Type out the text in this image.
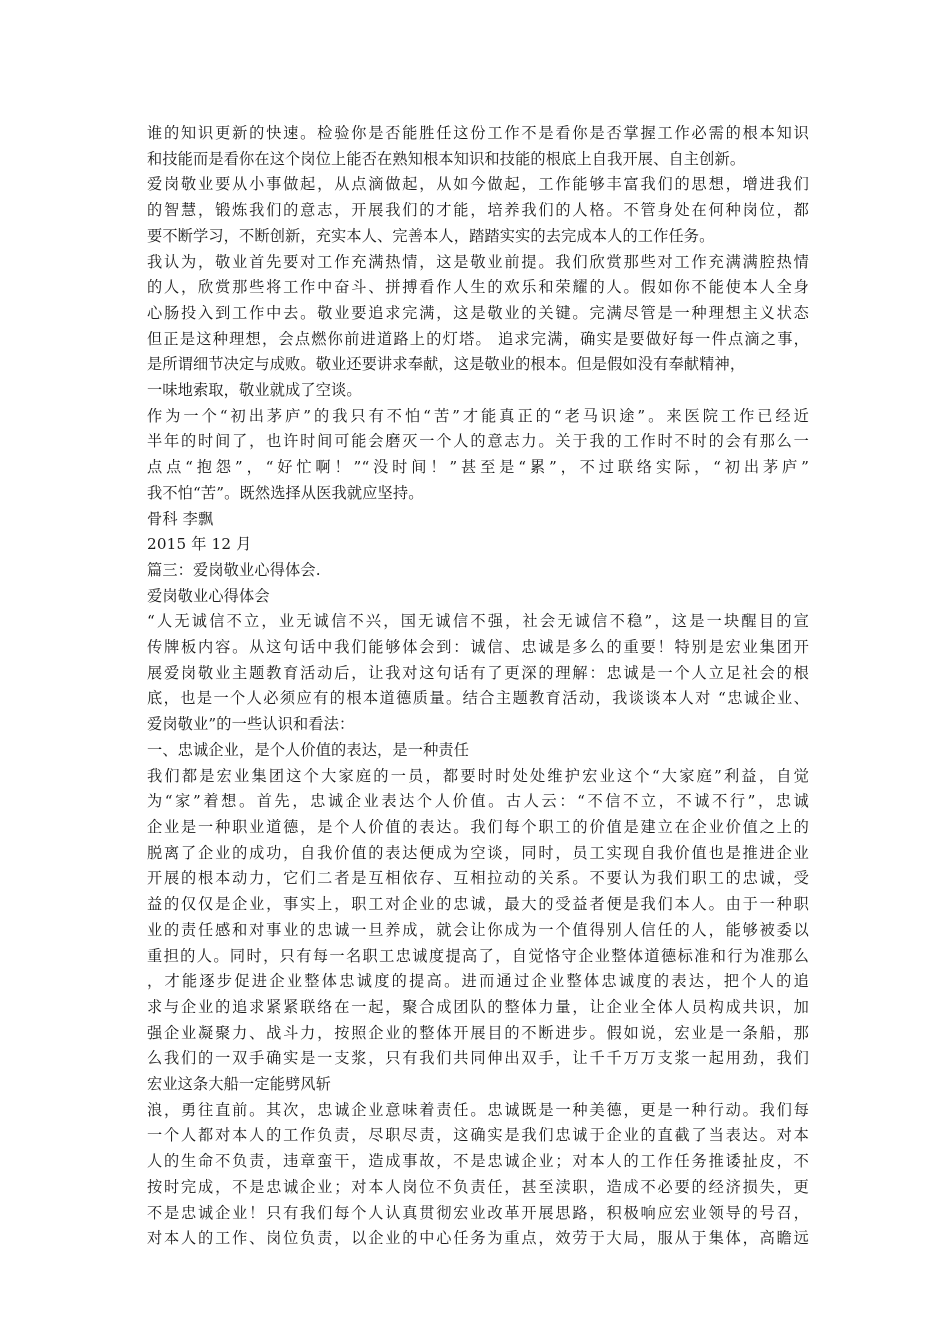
谁的知识更新的快速。检验你是否能胜任这份工作不是看你是否掌握工作必需的根本知识
和技能而是看你在这个岗位上能否在熟知根本知识和技能的根底上自我开展、自主创新。
爱岗敬业要从小事做起，从点滴做起，从如今做起，工作能够丰富我们的思想，增进我们
的智慧，锻炼我们的意志，开展我们的才能，培养我们的人格。不管身处在何种岗位，都
要不断学习，不断创新，充实本人、完善本人，踏踏实实的去完成本人的工作任务。
我认为，敬业首先要对工作充满热情，这是敬业前提。我们欣赏那些对工作充满满腔热情
的人，欣赏那些将工作中奋斗、拼搏看作人生的欢乐和荣耀的人。假如你不能使本人全身
心肠投入到工作中去。敬业要追求完满，这是敬业的关键。完满尽管是一种理想主义状态
但正是这种理想，会点燃你前进道路上的灯塔。 追求完满，确实是要做好每一件点滴之事，
是所谓细节决定与成败。敬业还要讲求奉献，这是敬业的根本。但是假如没有奉献精神，
一味地索取，敬业就成了空谈。
作为一个“初出茅庐”的我只有不怕“苦”才能真正的“老马识途”。来医院工作已经近
半年的时间了，也许时间可能会磨灭一个人的意志力。关于我的工作时不时的会有那么一
点点“抱怨”，“好忙啊！”“没时间！”甚至是“累”，不过联络实际，“初出茅庐”
我不怕“苦”。既然选择从医我就应坚持。
骨科 李飘
2015 年 12 月
篇三：爱岗敬业心得体会.
爱岗敬业心得体会
“人无诚信不立，业无诚信不兴，国无诚信不强，社会无诚信不稳”，这是一块醒目的宣
传牌板内容。从这句话中我们能够体会到：诚信、忠诚是多么的重要！特别是宏业集团开
展爱岗敬业主题教育活动后，让我对这句话有了更深的理解：忠诚是一个人立足社会的根
底，也是一个人必须应有的根本道德质量。结合主题教育活动，我谈谈本人对 “忠诚企业、
爱岗敬业”的一些认识和看法：
一、忠诚企业，是个人价值的表达，是一种责任
我们都是宏业集团这个大家庭的一员，都要时时处处维护宏业这个“大家庭”利益，自觉
为“家”着想。首先，忠诚企业表达个人价值。古人云：“不信不立，不诚不行”，忠诚
企业是一种职业道德，是个人价值的表达。我们每个职工的价值是建立在企业价值之上的
脱离了企业的成功，自我价值的表达便成为空谈，同时，员工实现自我价值也是推进企业
开展的根本动力，它们二者是互相依存、互相拉动的关系。不要认为我们职工的忠诚，受
益的仅仅是企业，事实上，职工对企业的忠诚，最大的受益者便是我们本人。由于一种职
业的责任感和对事业的忠诚一旦养成，就会让你成为一个值得别人信任的人，能够被委以
重担的人。同时，只有每一名职工忠诚度提高了，自觉恪守企业整体道德标准和行为准那么
，才能逐步促进企业整体忠诚度的提高。进而通过企业整体忠诚度的表达，把个人的追
求与企业的追求紧紧联络在一起，聚合成团队的整体力量，让企业全体人员构成共识，加
强企业凝聚力、战斗力，按照企业的整体开展目的不断进步。假如说，宏业是一条船，那
么我们的一双手确实是一支浆，只有我们共同伸出双手，让千千万万支浆一起用劲，我们
宏业这条大船一定能劈风斩
浪，勇往直前。其次，忠诚企业意味着责任。忠诚既是一种美德，更是一种行动。我们每
一个人都对本人的工作负责，尽职尽责，这确实是我们忠诚于企业的直截了当表达。对本
人的生命不负责，违章蛮干，造成事故，不是忠诚企业；对本人的工作任务推诿扯皮，不
按时完成，不是忠诚企业；对本人岗位不负责任，甚至渎职，造成不必要的经济损失，更
不是忠诚企业！只有我们每个人认真贯彻宏业改革开展思路，积极响应宏业领导的号召，
对本人的工作、岗位负责，以企业的中心任务为重点，效劳于大局，服从于集体，高瞻远
